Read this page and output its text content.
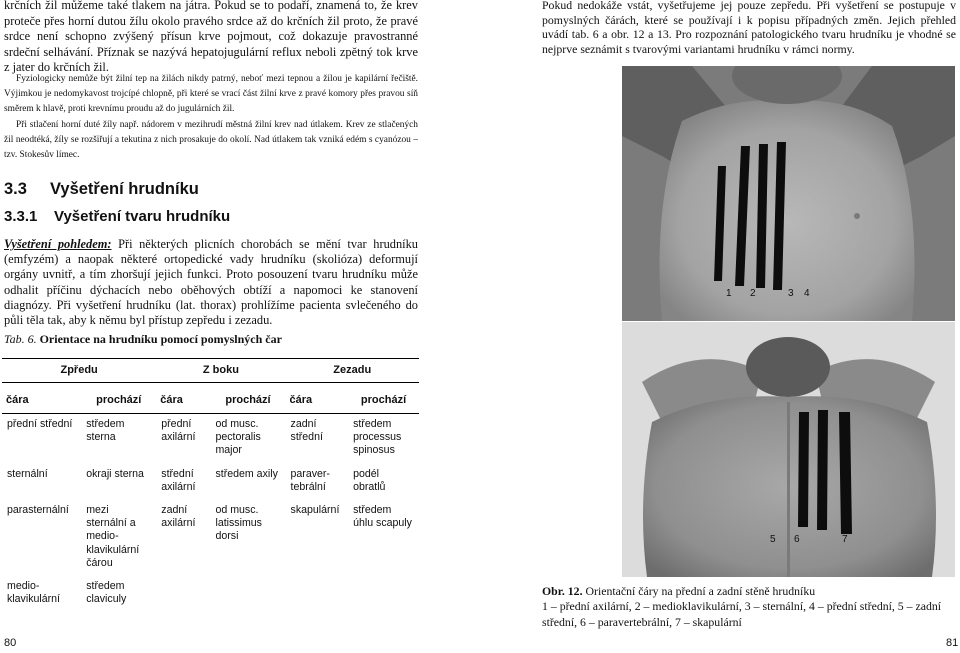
krčních žil můžeme také tlakem na játra. Pokud se to podaří, znamená to, že krev proteče přes horní dutou žílu okolo pravého srdce až do krčních žil proto, že pravé srdce není schopno zvýšený přísun krve pojmout, což dokazuje pravostranné srdeční selhávání. Příznak se nazývá hepatojugulární reflux neboli zpětný tok krve z jater do krčních žil.

Fyziologicky nemůže být žilní tep na žilách nikdy patrný, neboť mezi tepnou a žilou je kapilární řečiště. Výjimkou je nedomykavost trojcípé chlopně, při které se vrací část žilní krve z pravé komory přes pravou síň směrem k hlavě, proti krevnímu proudu až do jugulárních žil.

Při stlačení horní duté žíly např. nádorem v mezihrudí městná žilní krev nad útlakem. Krev ze stlačených žil neodtéká, žíly se rozšiřují a tekutina z nich prosakuje do okolí. Nad útlakem tak vzniká edém s cyanózou – tzv. Stokesův límec.

3.3 Vyšetření hrudníku
3.3.1 Vyšetření tvaru hrudníku

Vyšetření pohledem: Při některých plicních chorobách se mění tvar hrudníku (emfyzém) a naopak některé ortopedické vady hrudníku (skolióza) deformují orgány uvnitř, a tím zhoršují jejich funkci. Proto posouzení tvaru hrudníku může odhalit příčinu dýchacích nebo oběhových obtíží a napomoci ke stanovení diagnózy. Při vyšetření hrudníku (lat. thorax) prohlížíme pacienta svlečeného do půli těla tak, aby k němu byl přístup zepředu i zezadu.

Tab. 6. Orientace na hrudníku pomocí pomyslných čar
Zpředu		Z boku		Zezadu	

čára	prochází	čára	prochází	čára	prochází
přední střední	středem sterna	přední axilární	od musc. pectoralis major	zadní střední	středem processus spinosus
sternální	okraji sterna	střední axilární	středem axily	paraver-tebrální	podél obratlů
parasternální	mezi sternální a medio-klavikulární čárou	zadní axilární	od musc. latissimus dorsi	skapulární	středem úhlu scapuly
medio-klavikulární	středem claviculy				
80

Pokud nedokáže vstát, vyšetřujeme jej pouze zepředu. Při vyšetření se postupuje v pomyslných čárách, které se používají i k popisu případných změn. Jejich přehled uvádí tab. 6 a obr. 12 a 13. Pro rozpoznání patologického tvaru hrudníku je vhodné se nejprve seznámit s tvarovými variantami hrudníku v rámci normy.

1 2	3 4
5 6	7

Obr. 12. Orientační čáry na přední a zadní stěně hrudníku
1 – přední axilární, 2 – medioklavikulární, 3 – sternální, 4 – přední střední, 5 – zadní střední, 6 – paravertebrální, 7 – skapulární

81
